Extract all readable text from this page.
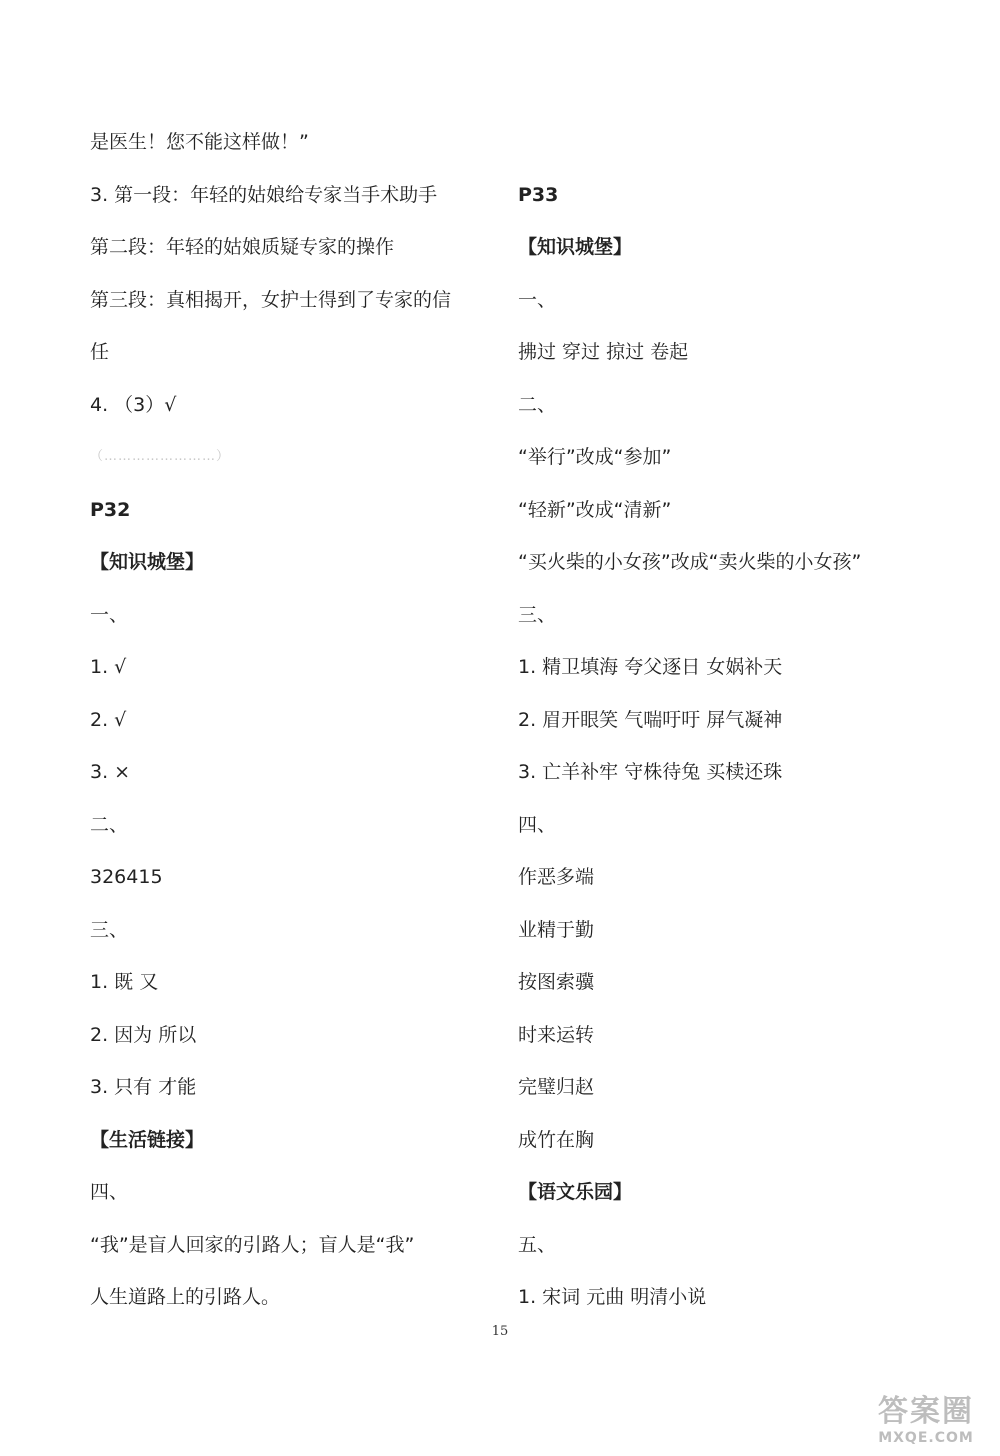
是医生！您不能这样做！”
3. 第一段：年轻的姑娘给专家当手术助手
第二段：年轻的姑娘质疑专家的操作
第三段：真相揭开，女护士得到了专家的信
任
4. （3）√
（……………………）
P32
【知识城堡】
一、
1. √
2. √
3. ×
二、
326415
三、
1. 既 又
2. 因为 所以
3. 只有 才能
【生活链接】
四、
“我”是盲人回家的引路人；盲人是“我”
人生道路上的引路人。
P33
【知识城堡】
一、
拂过 穿过 掠过 卷起
二、
“举行”改成“参加”
“轻新”改成“清新”
“买火柴的小女孩”改成“卖火柴的小女孩”
三、
1. 精卫填海 夸父逐日 女娲补天
2. 眉开眼笑 气喘吁吁 屏气凝神
3. 亡羊补牢 守株待兔 买椟还珠
四、
作恶多端
业精于勤
按图索骥
时来运转
完璧归赵
成竹在胸
【语文乐园】
五、
1. 宋词 元曲 明清小说
15
答案圈
MXQE.COM
